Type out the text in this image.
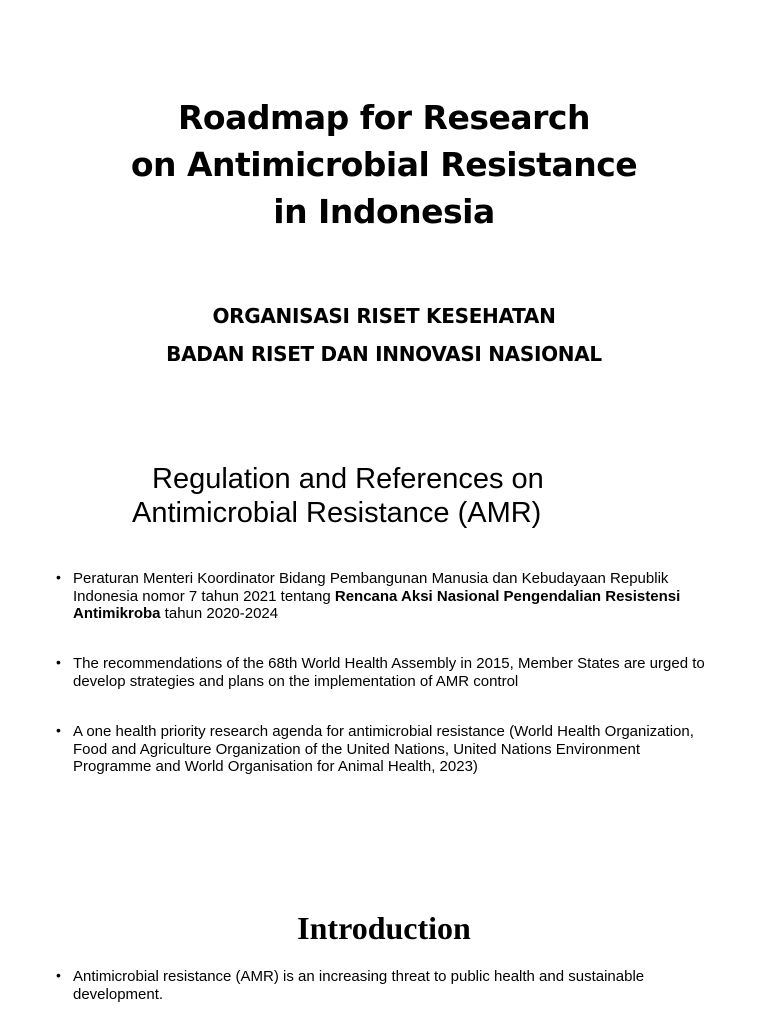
Roadmap for Research
on Antimicrobial Resistance
in Indonesia
ORGANISASI RISET KESEHATAN
BADAN RISET DAN INNOVASI NASIONAL
Regulation and References on
Antimicrobial Resistance (AMR)
• Peraturan Menteri Koordinator Bidang Pembangunan Manusia dan Kebudayaan Republik Indonesia nomor 7 tahun 2021 tentang Rencana Aksi Nasional Pengendalian Resistensi Antimikroba tahun 2020-2024
• The recommendations of the 68th World Health Assembly in 2015, Member States are urged to develop strategies and plans on the implementation of AMR control
• A one health priority research agenda for antimicrobial resistance (World Health Organization, Food and Agriculture Organization of the United Nations, United Nations Environment Programme and World Organisation for Animal Health, 2023)
Introduction
• Antimicrobial resistance (AMR) is an increasing threat to public health and sustainable development.
